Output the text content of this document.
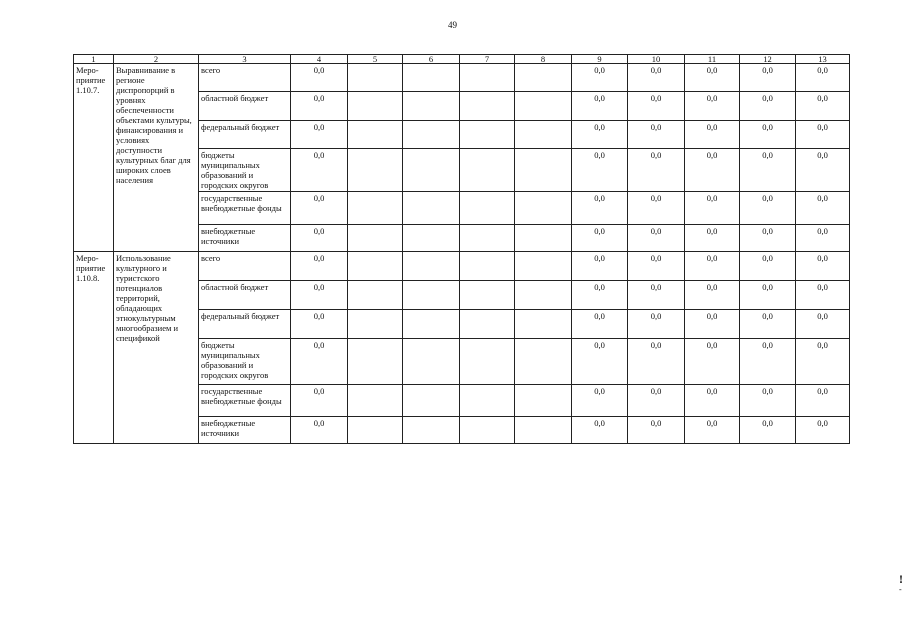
49
1	2	3	4	5	6	7	8	9	10	11	12	13
Меро-
приятие
1.10.7.	Выравнивание в регионе диспропорций в уровнях обеспеченности объектами культуры, финансирования и условиях доступности культурных благ для широких слоев населения	всего	0,0					0,0	0,0	0,0	0,0	0,0
		областной бюджет	0,0					0,0	0,0	0,0	0,0	0,0
		федеральный бюджет	0,0					0,0	0,0	0,0	0,0	0,0
		бюджеты муниципальных образований и городских округов	0,0					0,0	0,0	0,0	0,0	0,0
		государственные внебюджетные фонды	0,0					0,0	0,0	0,0	0,0	0,0
		внебюджетные источники	0,0					0,0	0,0	0,0	0,0	0,0
Меро-
приятие
1.10.8.	Использование культурного и туристского потенциалов территорий, обладающих этнокультурным многообразием и спецификой	всего	0,0					0,0	0,0	0,0	0,0	0,0
		областной бюджет	0,0					0,0	0,0	0,0	0,0	0,0
		федеральный бюджет	0,0					0,0	0,0	0,0	0,0	0,0
		бюджеты муниципальных образований и городских округов	0,0					0,0	0,0	0,0	0,0	0,0
		государственные внебюджетные фонды	0,0					0,0	0,0	0,0	0,0	0,0
		внебюджетные источники	0,0					0,0	0,0	0,0	0,0	0,0
!
-
